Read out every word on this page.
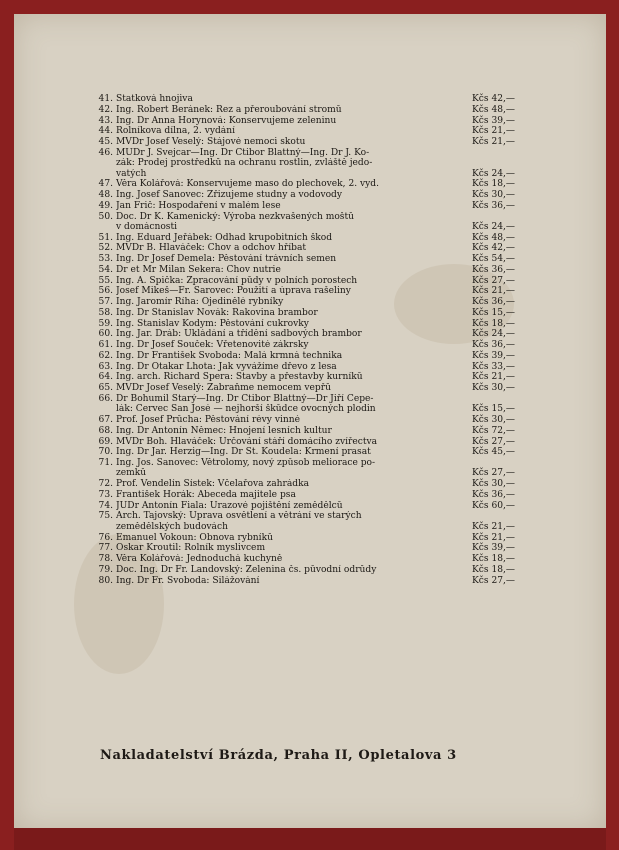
41. Statková hnojiva	Kčs 42,—
42. Ing. Robert Beránek: Řez a přeroubování stromů	Kčs 48,—
43. Ing. Dr Anna Horynová: Konservujeme zeleninu	Kčs 39,—
44. Rolníkova dílna, 2. vydání	Kčs 21,—
45. MVDr Josef Veselý: Stájové nemoci skotu	Kčs 21,—
46. MUDr J. Švejcar—Ing. Dr Ctibor Blattný—Ing. Dr J. Ko-
zák: Prodej prostředků na ochranu rostlin, zvláště jedo-
vatých	Kčs 24,—
47. Věra Kolářová: Konservujeme maso do plechovek, 2. vyd.	Kčs 18,—
48. Ing. Josef Šanovec: Zřizujeme studny a vodovody	Kčs 30,—
49. Jan Frič: Hospodaření v malém lese	Kčs 36,—
50. Doc. Dr K. Kamenický: Výroba nezkvašených moštů
v domácnosti	Kčs 24,—
51. Ing. Eduard Jeřábek: Odhad krupobitních škod	Kčs 48,—
52. MVDr B. Hlaváček: Chov a odchov hříbat	Kčs 42,—
53. Ing. Dr Josef Demela: Pěstování trávních semen	Kčs 54,—
54. Dr et Mr Milan Sekera: Chov nutrie	Kčs 36,—
55. Ing. A. Špička: Zpracování půdy v polních porostech	Kčs 27,—
56. Josef Mikeš—Fr. Šarovec: Použití a úprava rašeliny	Kčs 21,—
57. Ing. Jaromír Říha: Ojedinělé rybníky	Kčs 36,—
58. Ing. Dr Stanislav Novák: Rakovina brambor	Kčs 15,—
59. Ing. Stanislav Kodym: Pěstování cukrovky	Kčs 18,—
60. Ing. Jar. Dráb: Ukládání a třídění sadbových brambor	Kčs 24,—
61. Ing. Dr Josef Souček: Vřetenovité zákrsky	Kčs 36,—
62. Ing. Dr František Svoboda: Malá krmná technika	Kčs 39,—
63. Ing. Dr Otakar Lhota: Jak vyvážíme dřevo z lesa	Kčs 33,—
64. Ing. arch. Richard Špera: Stavby a přestavby kurníků	Kčs 21,—
65. MVDr Josef Veselý: Zabraňme nemocem vepřů	Kčs 30,—
66. Dr Bohumil Starý—Ing. Dr Ctibor Blattný—Dr Jiří Čepe-
lák: Červec San José — nejhorší škůdce ovocných plodin	Kčs 15,—
67. Prof. Josef Průcha: Pěstování révy vinné	Kčs 30,—
68. Ing. Dr Antonín Němec: Hnojení lesních kultur	Kčs 72,—
69. MVDr Boh. Hlaváček: Určování stáří domácího zvířectva	Kčs 27,—
70. Ing. Dr Jar. Herzig—Ing. Dr St. Koudela: Krmení prasat	Kčs 45,—
71. Ing. Jos. Šanovec: Větrolomy, nový způsob meliorace po-
zemků	Kčs 27,—
72. Prof. Vendelín Šístek: Včelařova zahrádka	Kčs 30,—
73. František Horák: Abeceda majitele psa	Kčs 36,—
74. JUDr Antonín Fiala: Úrazové pojištění zemědělců	Kčs 60,—
75. Arch. Tajovský: Úprava osvětlení a větrání ve starých
zemědělských budovách	Kčs 21,—
76. Emanuel Vokoun: Obnova rybníků	Kčs 21,—
77. Oskar Kroutil: Rolník myslivcem	Kčs 39,—
78. Věra Kolářová: Jednoduchá kuchyně	Kčs 18,—
79. Doc. Ing. Dr Fr. Landovský: Zelenina čs. původní odrůdy	Kčs 18,—
80. Ing. Dr Fr. Svoboda: Silážování	Kčs 27,—
Nakladatelství Brázda, Praha II, Opletalova 3
